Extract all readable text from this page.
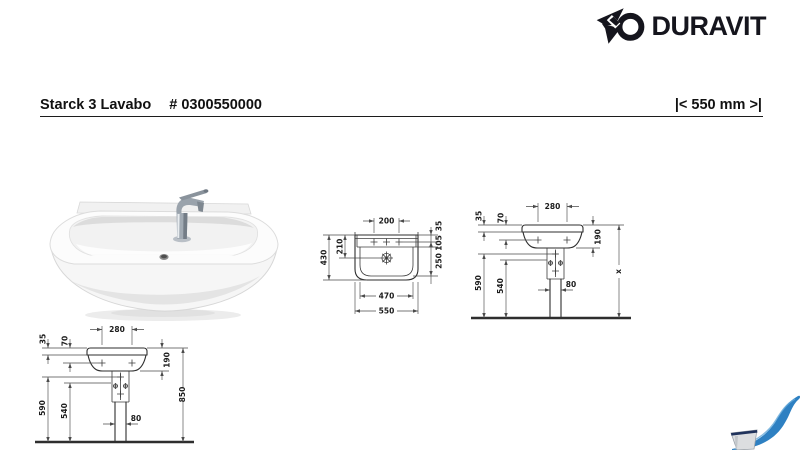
DURAVIT
Starck 3 Lavabo # 0300550000	|< 550 mm >|
200	35
105
250
210
430
470
550
280
35 70
190
590 540	80
x
280
35 70
190
590 540	80
850
